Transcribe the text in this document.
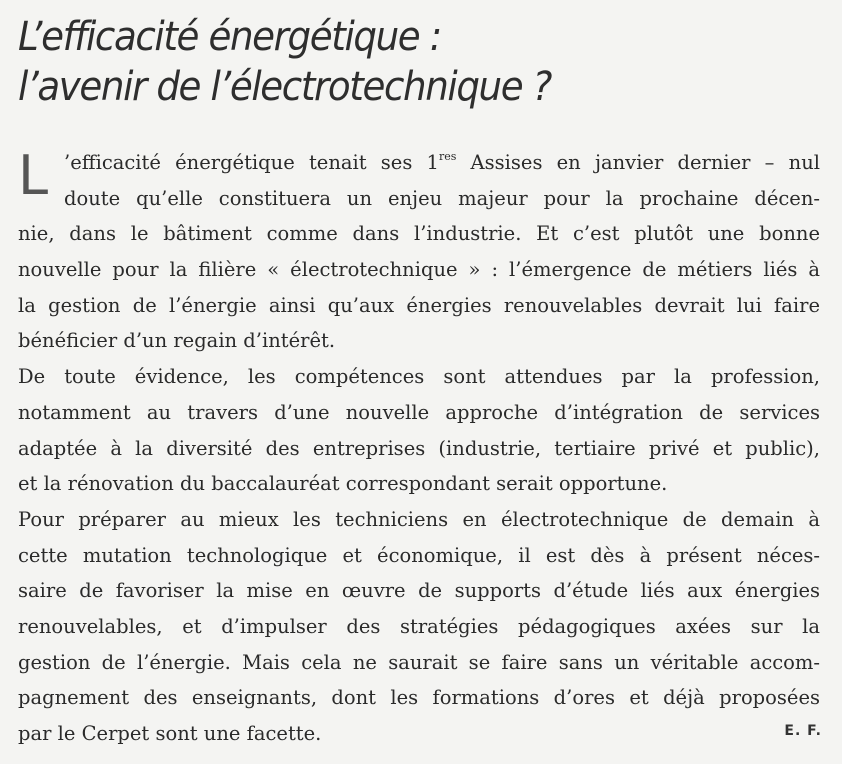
L’efficacité énergétique :
l’avenir de l’électrotechnique ?
L ’efficacité énergétique tenait ses 1res Assises en janvier dernier – nul
doute qu’elle constituera un enjeu majeur pour la prochaine décen-
nie, dans le bâtiment comme dans l’industrie. Et c’est plutôt une bonne
nouvelle pour la filière « électrotechnique » : l’émergence de métiers liés à
la gestion de l’énergie ainsi qu’aux énergies renouvelables devrait lui faire
bénéficier d’un regain d’intérêt.
De toute évidence, les compétences sont attendues par la profession,
notamment au travers d’une nouvelle approche d’intégration de services
adaptée à la diversité des entreprises (industrie, tertiaire privé et public),
et la rénovation du baccalauréat correspondant serait opportune.
Pour préparer au mieux les techniciens en électrotechnique de demain à
cette mutation technologique et économique, il est dès à présent néces-
saire de favoriser la mise en œuvre de supports d’étude liés aux énergies
renouvelables, et d’impulser des stratégies pédagogiques axées sur la
gestion de l’énergie. Mais cela ne saurait se faire sans un véritable accom-
pagnement des enseignants, dont les formations d’ores et déjà proposées
par le Cerpet sont une facette.	E. F.
